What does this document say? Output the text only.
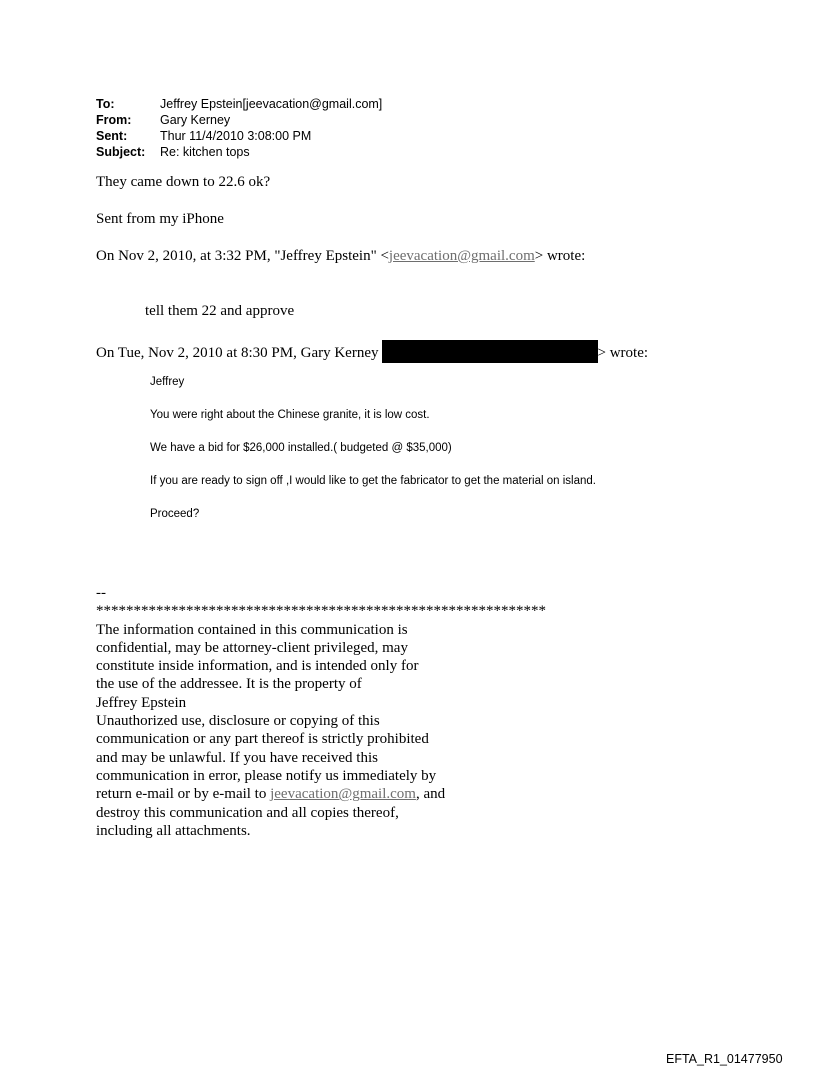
To:	Jeffrey Epstein[jeevacation@gmail.com]
From:	Gary Kerney
Sent:	Thur 11/4/2010 3:08:00 PM
Subject:	Re: kitchen tops
They came down to 22.6 ok?
Sent from my iPhone
On Nov 2, 2010, at 3:32 PM, "Jeffrey Epstein" <jeevacation@gmail.com> wrote:
tell them 22 and approve
On Tue, Nov 2, 2010 at 8:30 PM, Gary Kerney	> wrote:
Jeffrey
You were right about the Chinese granite, it is low cost.
We have a bid for $26,000 installed.( budgeted @ $35,000)
If you are ready to sign off ,I would like to get the fabricator to get the material on island.
Proceed?
--
************************************************************
The information contained in this communication is
confidential, may be attorney-client privileged, may
constitute inside information, and is intended only for
the use of the addressee. It is the property of
Jeffrey Epstein
Unauthorized use, disclosure or copying of this
communication or any part thereof is strictly prohibited
and may be unlawful. If you have received this
communication in error, please notify us immediately by
return e-mail or by e-mail to jeevacation@gmail.com, and
destroy this communication and all copies thereof,
including all attachments.
EFTA_R1_01477950
